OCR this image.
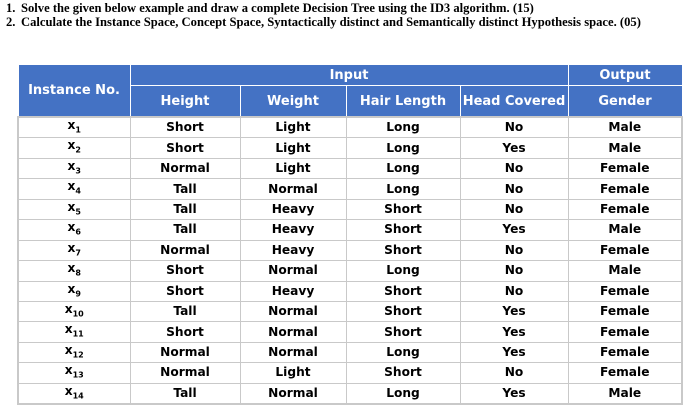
1. Solve the given below example and draw a complete Decision Tree using the ID3 algorithm. (15)
2. Calculate the Instance Space, Concept Space, Syntactically distinct and Semantically distinct Hypothesis space. (05)
Instance No.	Input				Output
	Height	Weight	Hair Length	Head Covered	Gender
$x_1$	Short	Light	Long	No	Male
$x_2$	Short	Light	Long	Yes	Male
$x_3$	Normal	Light	Long	No	Female
$x_4$	Tall	Normal	Long	No	Female
$x_5$	Tall	Heavy	Short	No	Female
$x_6$	Tall	Heavy	Short	Yes	Male
$x_7$	Normal	Heavy	Short	No	Female
$x_8$	Short	Normal	Long	No	Male
$x_9$	Short	Heavy	Short	No	Female
$x_{10}$	Tall	Normal	Short	Yes	Female
$x_{11}$	Short	Normal	Short	Yes	Female
$x_{12}$	Normal	Normal	Long	Yes	Female
$x_{13}$	Normal	Light	Short	No	Female
$x_{14}$	Tall	Normal	Long	Yes	Male
